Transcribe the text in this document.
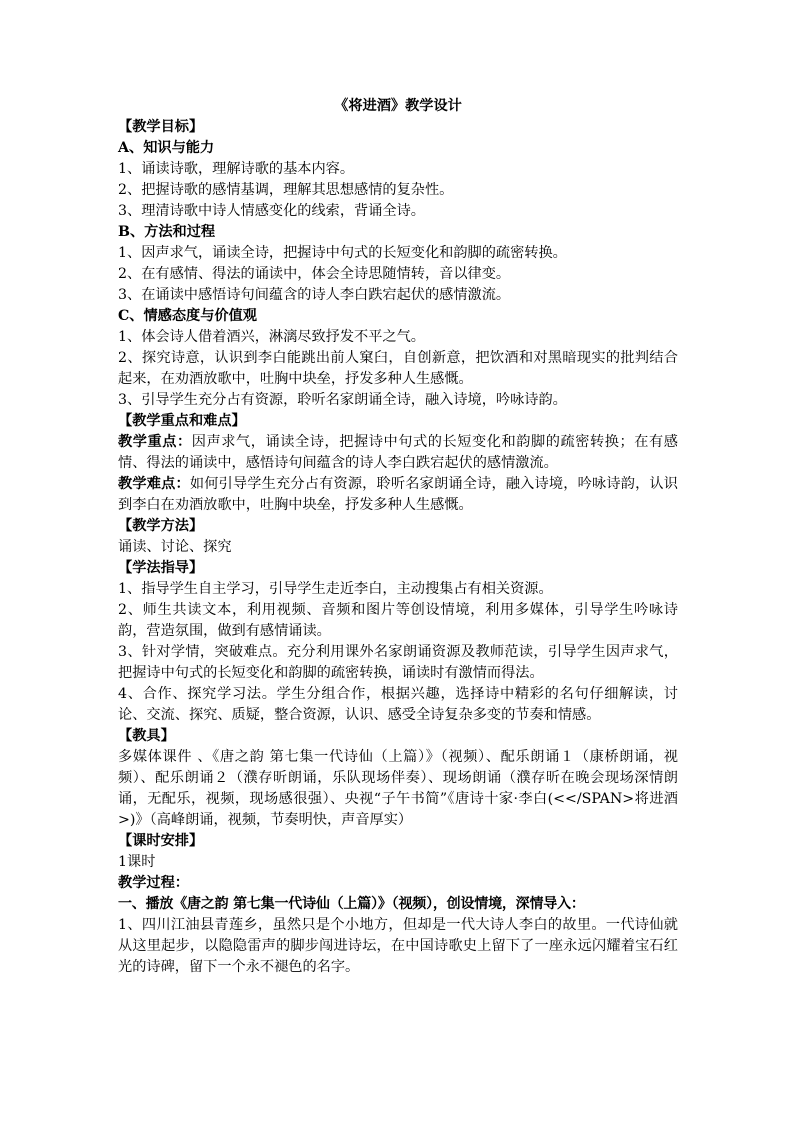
《将进酒》教学设计

【教学目标】

A、知识与能力

1、诵读诗歌，理解诗歌的基本内容。

2、把握诗歌的感情基调，理解其思想感情的复杂性。

3、理清诗歌中诗人情感变化的线索，背诵全诗。

B、方法和过程

1、因声求气，诵读全诗，把握诗中句式的长短变化和韵脚的疏密转换。

2、在有感情、得法的诵读中，体会全诗思随情转，音以律变。

3、在诵读中感悟诗句间蕴含的诗人李白跌宕起伏的感情激流。

C、情感态度与价值观

1、体会诗人借着酒兴，淋漓尽致抒发不平之气。

2、探究诗意，认识到李白能跳出前人窠臼，自创新意，把饮酒和对黑暗现实的批判结合起来，在劝酒放歌中，吐胸中块垒，抒发多种人生感慨。

3、引导学生充分占有资源，聆听名家朗诵全诗，融入诗境，吟咏诗韵。

【教学重点和难点】

教学重点：因声求气，诵读全诗，把握诗中句式的长短变化和韵脚的疏密转换；在有感情、得法的诵读中，感悟诗句间蕴含的诗人李白跌宕起伏的感情激流。

教学难点：如何引导学生充分占有资源，聆听名家朗诵全诗，融入诗境，吟咏诗韵，认识到李白在劝酒放歌中，吐胸中块垒，抒发多种人生感慨。

【教学方法】

诵读、讨论、探究

【学法指导】

1、指导学生自主学习，引导学生走近李白，主动搜集占有相关资源。

2、师生共读文本，利用视频、音频和图片等创设情境，利用多媒体，引导学生吟咏诗韵，营造氛围，做到有感情诵读。

3、针对学情，突破难点。充分利用课外名家朗诵资源及教师范读，引导学生因声求气，把握诗中句式的长短变化和韵脚的疏密转换，诵读时有激情而得法。

4、合作、探究学习法。学生分组合作，根据兴趣，选择诗中精彩的名句仔细解读，讨论、交流、探究、质疑，整合资源，认识、感受全诗复杂多变的节奏和情感。

【教具】

多媒体课件 、《唐之韵 第七集一代诗仙（上篇）》（视频）、配乐朗诵１（康桥朗诵，视频）、配乐朗诵２（濮存昕朗诵，乐队现场伴奏）、现场朗诵（濮存昕在晚会现场深情朗诵，无配乐，视频，现场感很强）、央视“子午书简”《唐诗十家·李白(<</SPAN>将进酒>)》（高峰朗诵，视频，节奏明快，声音厚实）

【课时安排】

1课时

教学过程：

一、播放《唐之韵 第七集一代诗仙（上篇）》（视频），创设情境，深情导入：

1、四川江油县青莲乡，虽然只是个小地方，但却是一代大诗人李白的故里。一代诗仙就从这里起步，以隐隐雷声的脚步闯进诗坛，在中国诗歌史上留下了一座永远闪耀着宝石红光的诗碑，留下一个永不褪色的名字。
